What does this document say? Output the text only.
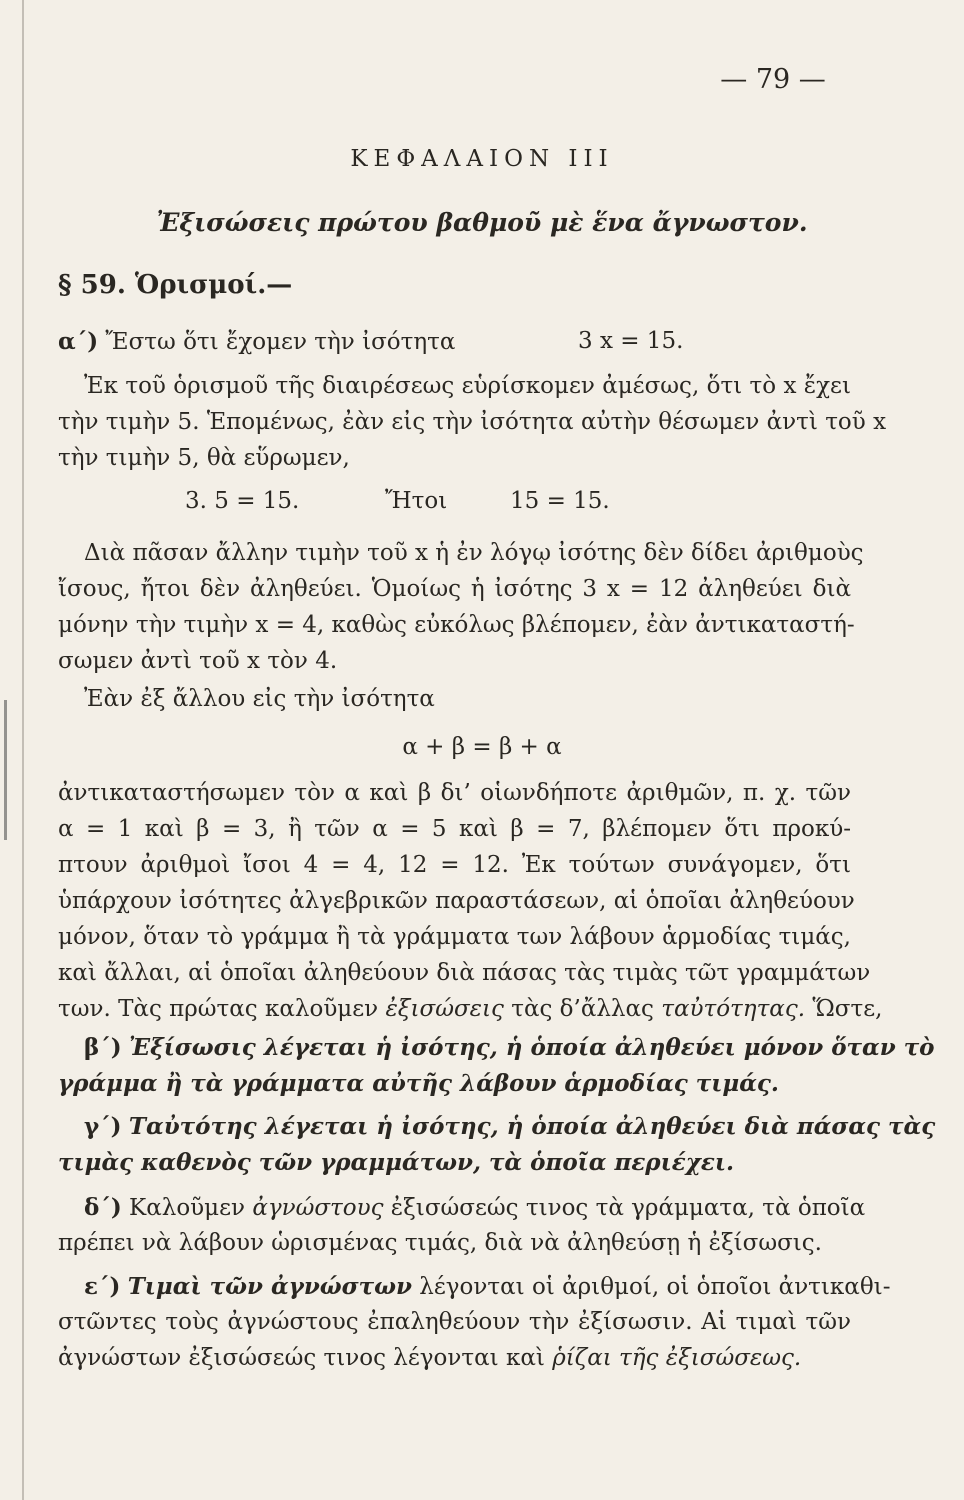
— 79 —
ΚΕΦΑΛΑΙΟΝ III
Ἐξισώσεις πρώτου βαθμοῦ μὲ ἕνα ἄγνωστον.
§ 59. Ὁρισμοί.—
α΄) Ἔστω ὅτι ἔχομεν τὴν ἰσότητα	3 x = 15.
Ἐκ τοῦ ὁρισμοῦ τῆς διαιρέσεως εὑρίσκομεν ἀμέσως, ὅτι τὸ x ἔχει
τὴν τιμὴν 5. Ἑπομένως, ἐὰν εἰς τὴν ἰσότητα αὐτὴν θέσωμεν ἀντὶ τοῦ x
τὴν τιμὴν 5, θὰ εὕρωμεν,
3. 5 = 15.	Ἤτοι	15 = 15.
Διὰ πᾶσαν ἄλλην τιμὴν τοῦ x ἡ ἐν λόγῳ ἰσότης δὲν δίδει ἀριθμοὺς
ἴσους, ἤτοι δὲν ἀληθεύει. Ὁμοίως ἡ ἰσότης 3 x = 12 ἀληθεύει διὰ
μόνην τὴν τιμὴν x = 4, καθὼς εὐκόλως βλέπομεν, ἐὰν ἀντικαταστή-
σωμεν ἀντὶ τοῦ x τὸν 4.
Ἐὰν ἐξ ἄλλου εἰς τὴν ἰσότητα
α + β = β + α
ἀντικαταστήσωμεν τὸν α καὶ β δι’ οἱωνδήποτε ἀριθμῶν, π. χ. τῶν
α = 1 καὶ β = 3, ἢ τῶν α = 5 καὶ β = 7, βλέπομεν ὅτι προκύ-
πτουν ἀριθμοὶ ἴσοι 4 = 4, 12 = 12. Ἐκ τούτων συνάγομεν, ὅτι
ὑπάρχουν ἰσότητες ἀλγεβρικῶν παραστάσεων, αἱ ὁποῖαι ἀληθεύουν
μόνον, ὅταν τὸ γράμμα ἢ τὰ γράμματα των λάβουν ἁρμοδίας τιμάς,
καὶ ἄλλαι, αἱ ὁποῖαι ἀληθεύουν διὰ πάσας τὰς τιμὰς τῶτ γραμμάτων
των. Τὰς πρώτας καλοῦμεν ἐξισώσεις τὰς δ’ἄλλας ταὐτότητας. Ὥστε,
β΄) Ἐξίσωσις λέγεται ἡ ἰσότης, ἡ ὁποία ἀληθεύει μόνον ὅταν τὸ
γράμμα ἢ τὰ γράμματα αὐτῆς λάβουν ἁρμοδίας τιμάς.
γ΄) Ταὐτότης λέγεται ἡ ἰσότης, ἡ ὁποία ἀληθεύει διὰ πάσας τὰς
τιμὰς καθενὸς τῶν γραμμάτων, τὰ ὁποῖα περιέχει.
δ΄) Καλοῦμεν ἀγνώστους ἐξισώσεώς τινος τὰ γράμματα, τὰ ὁποῖα
πρέπει νὰ λάβουν ὡρισμένας τιμάς, διὰ νὰ ἀληθεύσῃ ἡ ἐξίσωσις.
ε΄) Τιμαὶ τῶν ἀγνώστων λέγονται οἱ ἀριθμοί, οἱ ὁποῖοι ἀντικαθι-
στῶντες τοὺς ἀγνώστους ἐπαληθεύουν τὴν ἐξίσωσιν. Αἱ τιμαὶ τῶν
ἀγνώστων ἐξισώσεώς τινος λέγονται καὶ ῥίζαι τῆς ἐξισώσεως.
